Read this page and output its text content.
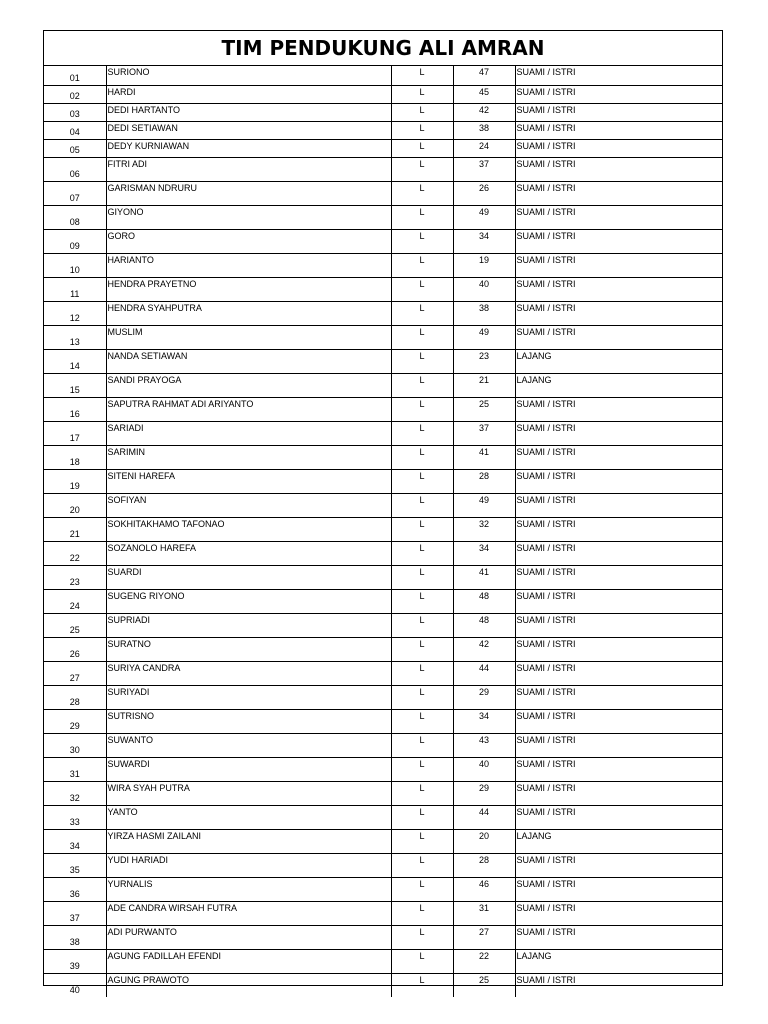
TIM PENDUKUNG ALI AMRAN
01	SURIONO	L	47	SUAMI / ISTRI
02	HARDI	L	45	SUAMI / ISTRI
03	DEDI HARTANTO	L	42	SUAMI / ISTRI
04	DEDI SETIAWAN	L	38	SUAMI / ISTRI
05	DEDY KURNIAWAN	L	24	SUAMI / ISTRI
06	FITRI ADI	L	37	SUAMI / ISTRI
07	GARISMAN NDRURU	L	26	SUAMI / ISTRI
08	GIYONO	L	49	SUAMI / ISTRI
09	GORO	L	34	SUAMI / ISTRI
10	HARIANTO	L	19	SUAMI / ISTRI
11	HENDRA PRAYETNO	L	40	SUAMI / ISTRI
12	HENDRA SYAHPUTRA	L	38	SUAMI / ISTRI
13	MUSLIM	L	49	SUAMI / ISTRI
14	NANDA SETIAWAN	L	23	LAJANG
15	SANDI PRAYOGA	L	21	LAJANG
16	SAPUTRA RAHMAT ADI ARIYANTO	L	25	SUAMI / ISTRI
17	SARIADI	L	37	SUAMI / ISTRI
18	SARIMIN	L	41	SUAMI / ISTRI
19	SITENI HAREFA	L	28	SUAMI / ISTRI
20	SOFIYAN	L	49	SUAMI / ISTRI
21	SOKHITAKHAMO TAFONAO	L	32	SUAMI / ISTRI
22	SOZANOLO HAREFA	L	34	SUAMI / ISTRI
23	SUARDI	L	41	SUAMI / ISTRI
24	SUGENG RIYONO	L	48	SUAMI / ISTRI
25	SUPRIADI	L	48	SUAMI / ISTRI
26	SURATNO	L	42	SUAMI / ISTRI
27	SURIYA CANDRA	L	44	SUAMI / ISTRI
28	SURIYADI	L	29	SUAMI / ISTRI
29	SUTRISNO	L	34	SUAMI / ISTRI
30	SUWANTO	L	43	SUAMI / ISTRI
31	SUWARDI	L	40	SUAMI / ISTRI
32	WIRA SYAH PUTRA	L	29	SUAMI / ISTRI
33	YANTO	L	44	SUAMI / ISTRI
34	YIRZA HASMI ZAILANI	L	20	LAJANG
35	YUDI HARIADI	L	28	SUAMI / ISTRI
36	YURNALIS	L	46	SUAMI / ISTRI
37	ADE CANDRA WIRSAH FUTRA	L	31	SUAMI / ISTRI
38	ADI PURWANTO	L	27	SUAMI / ISTRI
39	AGUNG FADILLAH EFENDI	L	22	LAJANG
40	AGUNG PRAWOTO	L	25	SUAMI / ISTRI
